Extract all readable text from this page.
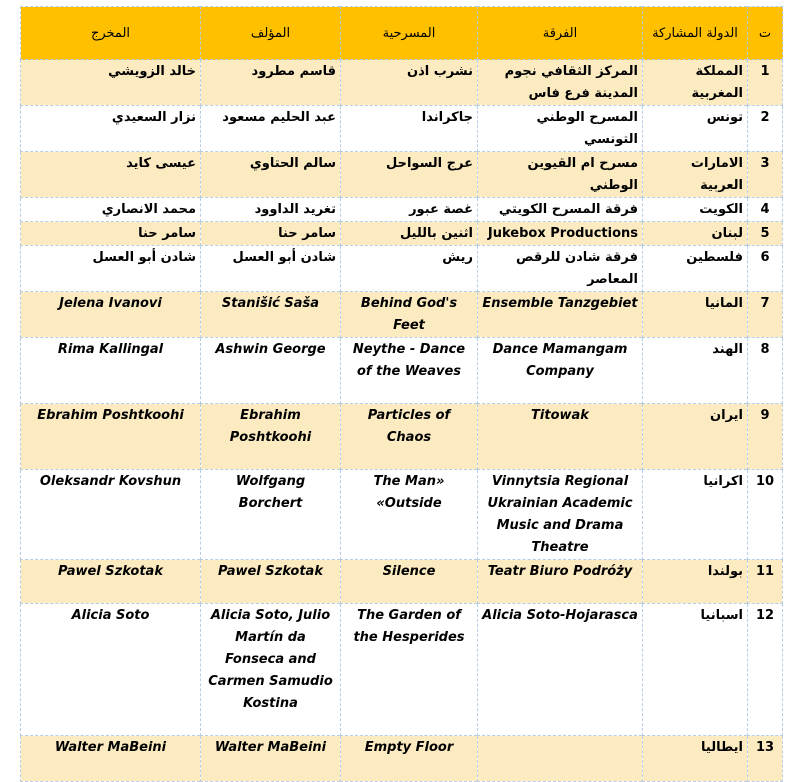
ت	الدولة المشاركة	الفرقة	المسرحية	المؤلف	المخرج
1	المملكة المغربية	المركز الثقافي نجوم المدينة فرع فاس	نشرب اذن	قاسم مطرود	خالد الزويشي
2	تونس	المسرح الوطني التونسي	جاكراندا	عبد الحليم مسعود	نزار السعيدي
3	الامارات العربية	مسرح ام القيوين الوطني	عرج السواحل	سالم الحتاوي	عيسى كايد
4	الكويت	فرقة المسرح الكويتي	غصة عبور	تغريد الداوود	محمد الانصاري
5	لبنان	Jukebox Productions	اثنين بالليل	سامر حنا	سامر حنا
6	فلسطين	فرقة شادن للرقص المعاصر	ريش	شادن أبو العسل	شادن أبو العسل
7	المانيا	Ensemble Tanzgebiet	Behind God's Feet	Stanišić Saša	Jelena Ivanovi
8	الهند	Dance Mamangam Company	Neythe - Dance of the Weaves	Ashwin George	Rima Kallingal
9	ايران	Titowak	Particles of Chaos	Ebrahim Poshtkoohi	Ebrahim Poshtkoohi
10	اكرانيا	Vinnytsia Regional Ukrainian Academic Music and Drama Theatre	«The Man Outside»	Wolfgang Borchert	Oleksandr Kovshun
11	بولندا	Teatr Biuro Podróży	Silence	Pawel Szkotak	Pawel Szkotak
12	اسبانيا	Alicia Soto-Hojarasca	The Garden of the Hesperides	Alicia Soto, Julio Martín da Fonseca and Carmen Samudio Kostina	Alicia Soto
13	ايطاليا		Empty Floor	Walter MaBeini	Walter MaBeini
